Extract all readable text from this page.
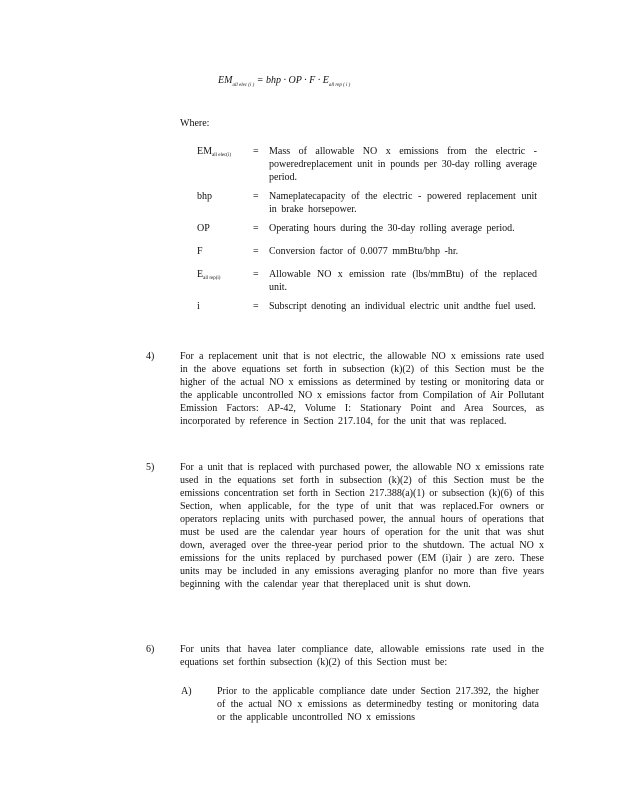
$EM_{all elec (i )}$ = bhp · OP · $F \cdot E_{all rep ( i )}$
Where:
$EM_{all elec(i)}$	=	Mass of allowable NO x emissions from the electric - poweredreplacement unit in pounds per 30-day rolling average period.
bhp	=	Nameplatecapacity of the electric - powered replacement unit in brake horsepower.
OP	=	Operating hours during the 30-day rolling average period.
F	=	Conversion factor of 0.0077 mmBtu/bhp -hr.
$E_{all rep(i)}$	=	Allowable NO x emission rate (lbs/mmBtu) of the replaced unit.
i	=	Subscript denoting an individual electric unit andthe fuel used.
4)	For a replacement unit that is not electric, the allowable NO x emissions rate used in the above equations set forth in subsection (k)(2) of this Section must be the higher of the actual NO x emissions as determined by testing or monitoring data or the applicable uncontrolled NO x emissions factor from Compilation of Air Pollutant Emission Factors: AP-42, Volume I: Stationary Point and Area Sources, as incorporated by reference in Section 217.104, for the unit that was replaced.
5)	For a unit that is replaced with purchased power, the allowable NO x emissions rate used in the equations set forth in subsection (k)(2) of this Section must be the emissions concentration set forth in Section 217.388(a)(1) or subsection (k)(6) of this Section, when applicable, for the type of unit that was replaced.For owners or operators replacing units with purchased power, the annual hours of operations that must be used are the calendar year hours of operation for the unit that was shut down, averaged over the three-year period prior to the shutdown. The actual NO x emissions for the units replaced by purchased power (EM (i)air ) are zero. These units may be included in any emissions averaging planfor no more than five years beginning with the calendar year that thereplaced unit is shut down.
6)	For units that havea later compliance date, allowable emissions rate used in the equations set forthin subsection (k)(2) of this Section must be:
A)	Prior to the applicable compliance date under Section 217.392, the higher of the actual NO x emissions as determinedby testing or monitoring data or the applicable uncontrolled NO x emissions
